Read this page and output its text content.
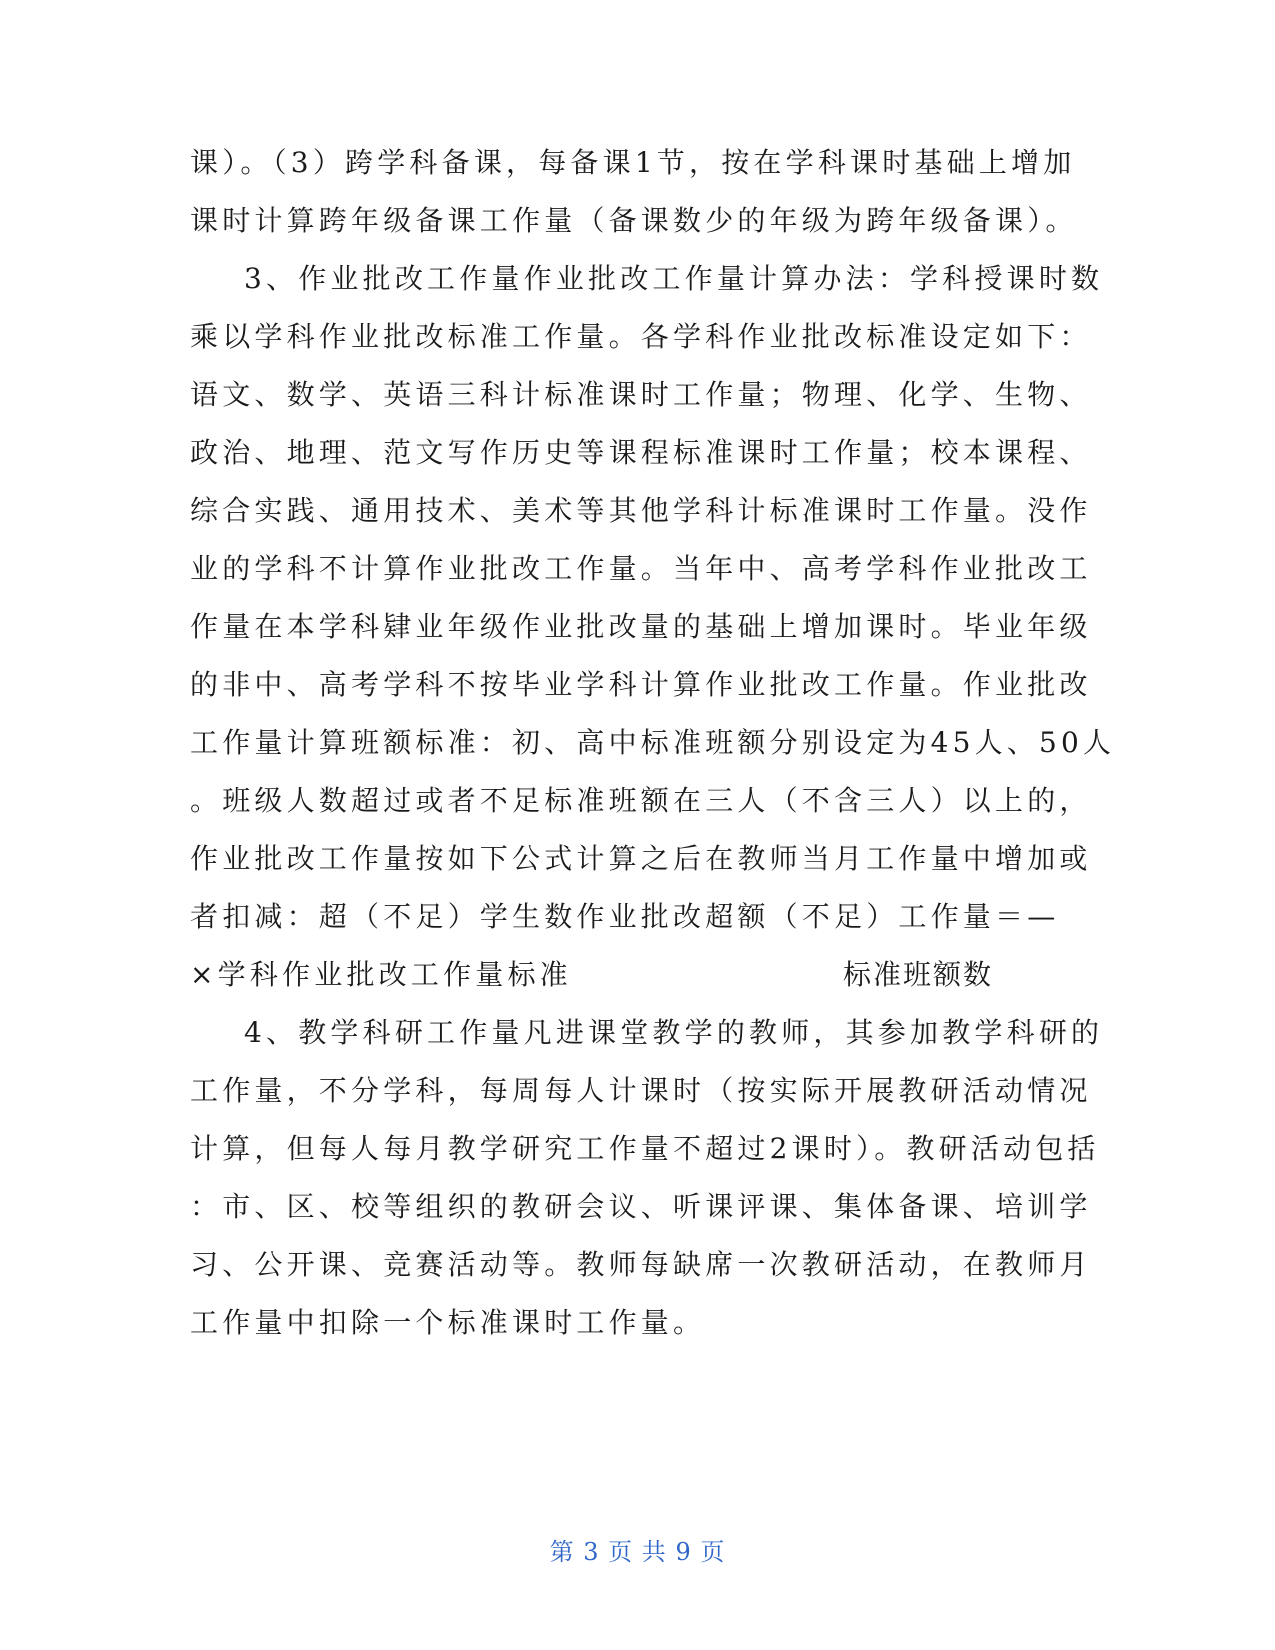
课）。（3）跨学科备课，每备课1节，按在学科课时基础上增加
课时计算跨年级备课工作量（备课数少的年级为跨年级备课）。
3、作业批改工作量作业批改工作量计算办法：学科授课时数
乘以学科作业批改标准工作量。各学科作业批改标准设定如下：
语文、数学、英语三科计标准课时工作量；物理、化学、生物、
政治、地理、范文写作历史等课程标准课时工作量；校本课程、
综合实践、通用技术、美术等其他学科计标准课时工作量。没作
业的学科不计算作业批改工作量。当年中、高考学科作业批改工
作量在本学科肄业年级作业批改量的基础上增加课时。毕业年级
的非中、高考学科不按毕业学科计算作业批改工作量。作业批改
工作量计算班额标准：初、高中标准班额分别设定为45人、50人
。班级人数超过或者不足标准班额在三人（不含三人）以上的，
作业批改工作量按如下公式计算之后在教师当月工作量中增加或
者扣减：超（不足）学生数作业批改超额（不足）工作量＝—
×学科作业批改工作量标准	标准班额数
4、教学科研工作量凡进课堂教学的教师，其参加教学科研的
工作量，不分学科，每周每人计课时（按实际开展教研活动情况
计算，但每人每月教学研究工作量不超过2课时）。教研活动包括
：市、区、校等组织的教研会议、听课评课、集体备课、培训学
习、公开课、竞赛活动等。教师每缺席一次教研活动，在教师月
工作量中扣除一个标准课时工作量。
第 3 页 共 9 页
